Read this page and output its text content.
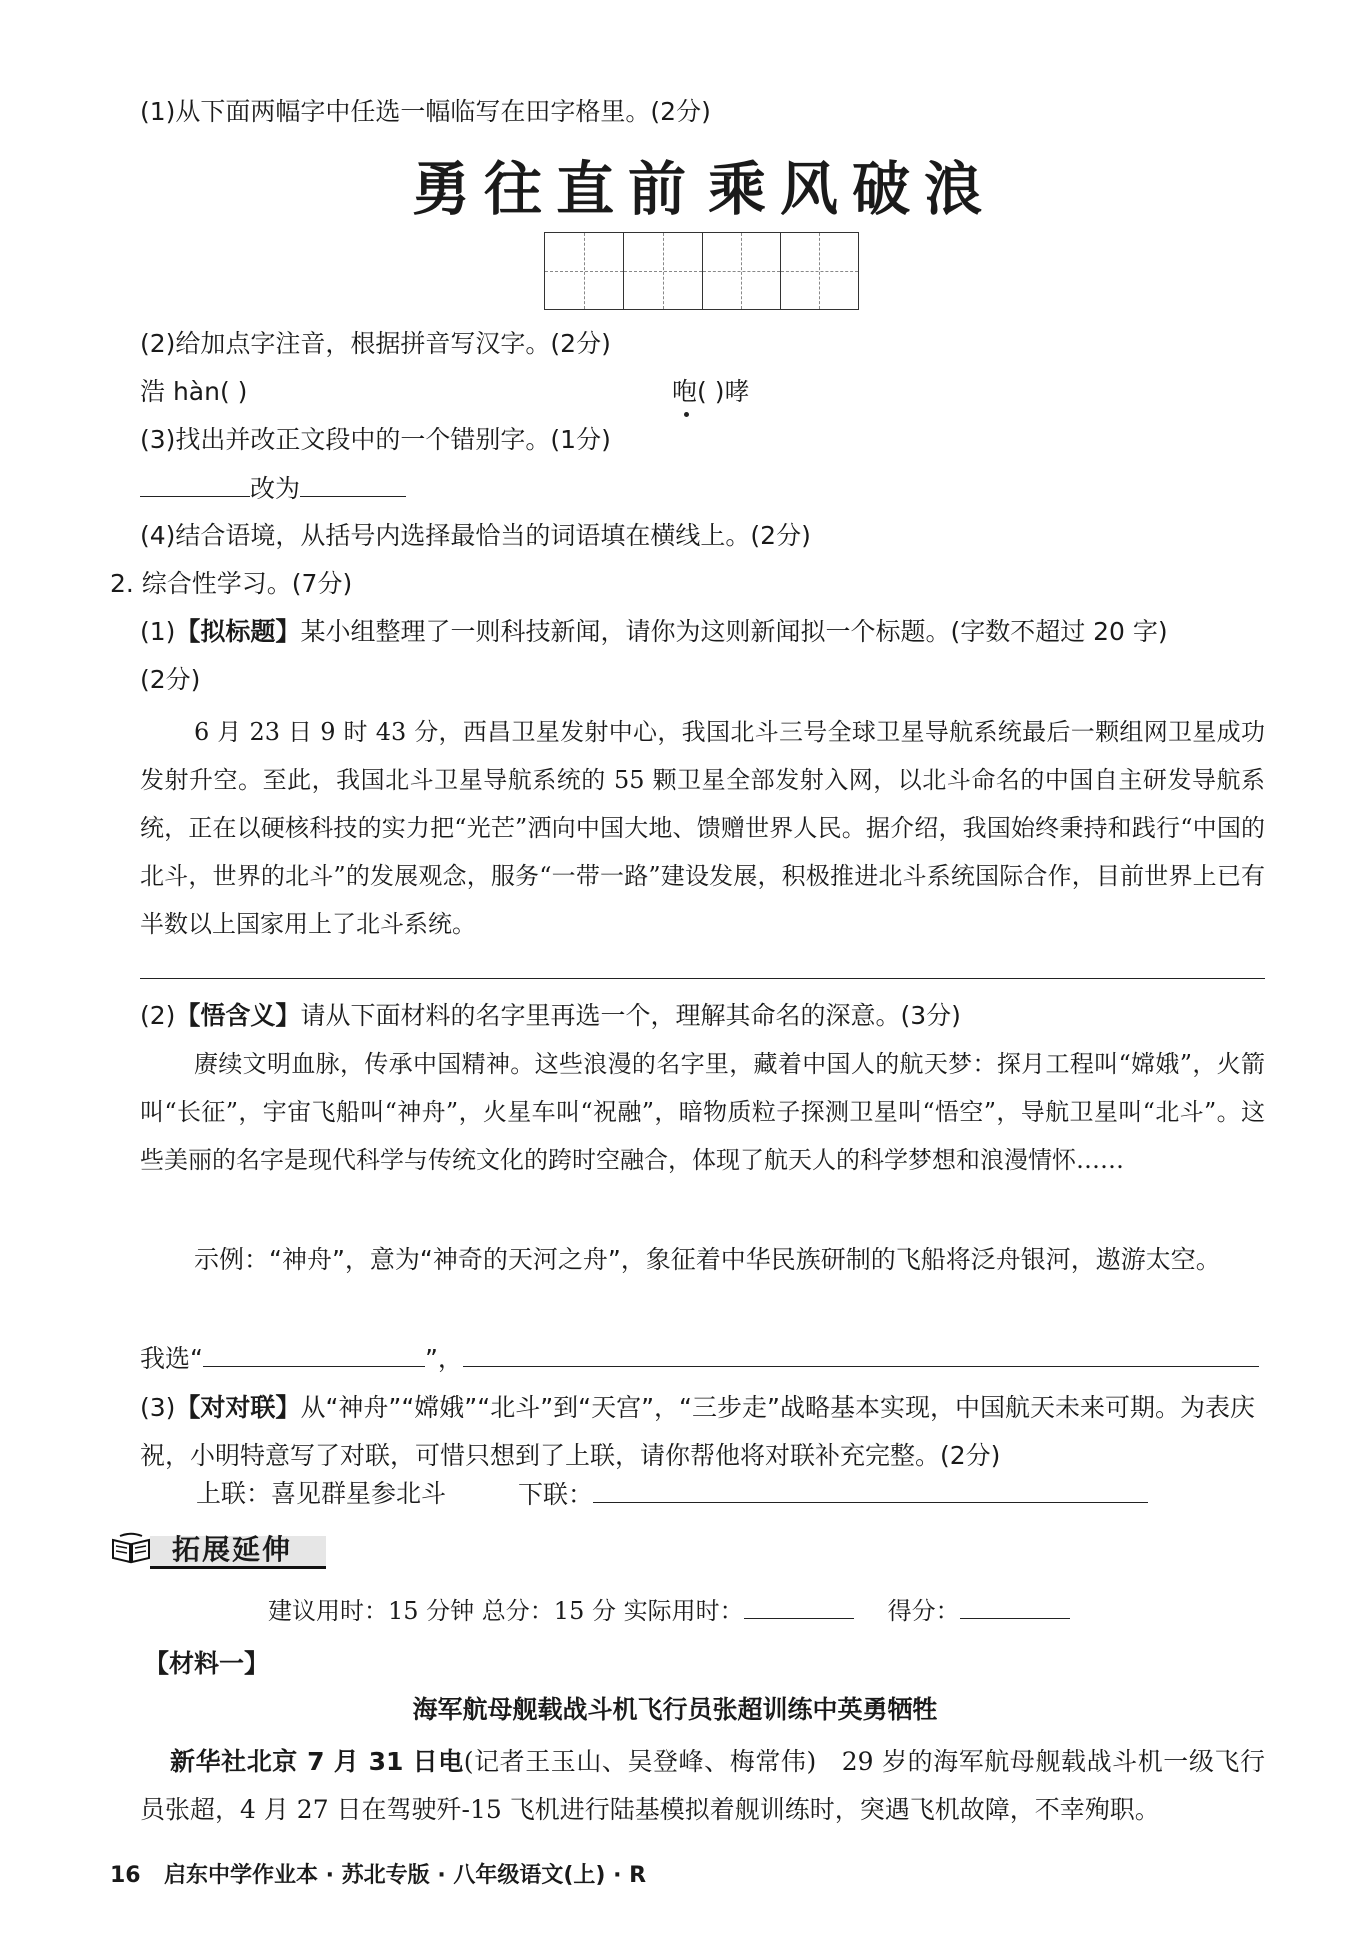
(1)从下面两幅字中任选一幅临写在田字格里。(2分)
勇往直前 乘风破浪
(2)给加点字注音，根据拼音写汉字。(2分)
浩 hàn( )	咆( )哮
(3)找出并改正文段中的一个错别字。(1分)
改为
(4)结合语境，从括号内选择最恰当的词语填在横线上。(2分)
2. 综合性学习。(7分)
(1)【拟标题】某小组整理了一则科技新闻，请你为这则新闻拟一个标题。(字数不超过 20 字)
(2分)
6 月 23 日 9 时 43 分，西昌卫星发射中心，我国北斗三号全球卫星导航系统最后一颗组网卫星成功发射升空。至此，我国北斗卫星导航系统的 55 颗卫星全部发射入网，以北斗命名的中国自主研发导航系统，正在以硬核科技的实力把“光芒”洒向中国大地、馈赠世界人民。据介绍，我国始终秉持和践行“中国的北斗，世界的北斗”的发展观念，服务“一带一路”建设发展，积极推进北斗系统国际合作，目前世界上已有半数以上国家用上了北斗系统。
(2)【悟含义】请从下面材料的名字里再选一个，理解其命名的深意。(3分)
赓续文明血脉，传承中国精神。这些浪漫的名字里，藏着中国人的航天梦：探月工程叫“嫦娥”，火箭叫“长征”，宇宙飞船叫“神舟”，火星车叫“祝融”，暗物质粒子探测卫星叫“悟空”，导航卫星叫“北斗”。这些美丽的名字是现代科学与传统文化的跨时空融合，体现了航天人的科学梦想和浪漫情怀……
示例：“神舟”，意为“神奇的天河之舟”，象征着中华民族研制的飞船将泛舟银河，遨游太空。
我选“	”，
(3)【对对联】从“神舟”“嫦娥”“北斗”到“天宫”，“三步走”战略基本实现，中国航天未来可期。为表庆祝，小明特意写了对联，可惜只想到了上联，请你帮他将对联补充完整。(2分)
上联：喜见群星参北斗	下联：
拓展延伸
建议用时：15 分钟 总分：15 分 实际用时：	得分：
【材料一】
海军航母舰载战斗机飞行员张超训练中英勇牺牲
新华社北京 7 月 31 日电(记者王玉山、吴登峰、梅常伟) 29 岁的海军航母舰载战斗机一级飞行员张超，4 月 27 日在驾驶歼-15 飞机进行陆基模拟着舰训练时，突遇飞机故障，不幸殉职。
16 启东中学作业本 · 苏北专版 · 八年级语文(上) · R
